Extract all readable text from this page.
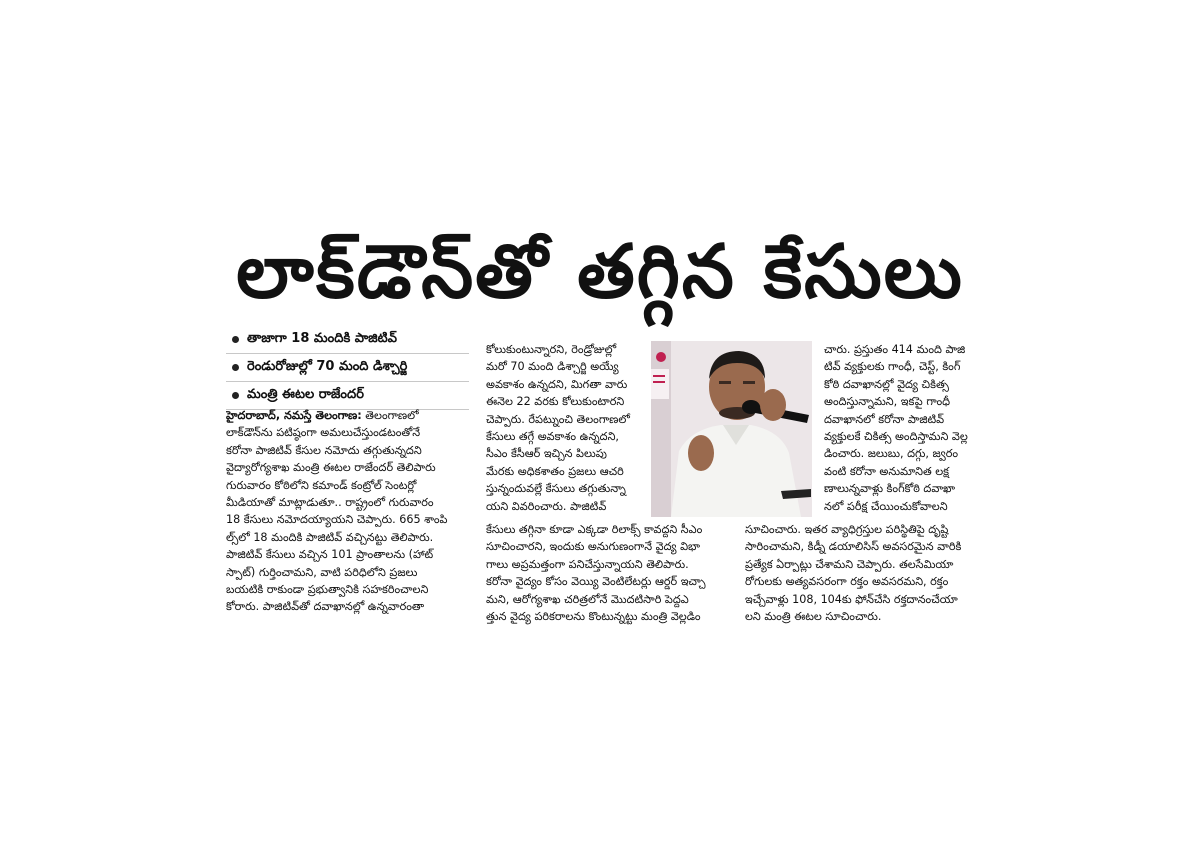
లాక్‌డౌన్‌తో తగ్గిన కేసులు
తాజాగా 18 మందికి పాజిటివ్
రెండురోజుల్లో 70 మంది డిశ్చార్జి
మంత్రి ఈటల రాజేందర్
హైదరాబాద్, నమస్తే తెలంగాణ: తెలంగాణలో
లాక్‌డౌన్‌ను పటిష్ఠంగా అమలుచేస్తుండటంతోనే
కరోనా పాజిటివ్ కేసుల నమోదు తగ్గుతున్నదని
వైద్యారోగ్యశాఖ మంత్రి ఈటల రాజేందర్ తెలిపారు
గురువారం కోఠిలోని కమాండ్ కంట్రోల్ సెంటర్లో
మీడియాతో మాట్లాడుతూ.. రాష్ట్రంలో గురువారం
18 కేసులు నమోదయ్యాయని చెప్పారు. 665 శాంపి
ల్స్‌లో 18 మందికి పాజిటివ్ వచ్చినట్టు తెలిపారు.
పాజిటివ్ కేసులు వచ్చిన 101 ప్రాంతాలను (హాట్
స్పాట్) గుర్తించామని, వాటి పరిధిలోని ప్రజలు
బయటికి రాకుండా ప్రభుత్వానికి సహకరించాలని
కోరారు. పాజిటివ్‌తో దవాఖానల్లో ఉన్నవారంతా
కోలుకుంటున్నారని, రెండ్రోజుల్లో
మరో 70 మంది డిశ్చార్జి అయ్యే
అవకాశం ఉన్నదని, మిగతా వారు
ఈనెల 22 వరకు కోలుకుంటారని
చెప్పారు. రేపట్నుంచి తెలంగాణలో
కేసులు తగ్గే అవకాశం ఉన్నదని,
సీఎం కేసీఆర్ ఇచ్చిన పిలుపు
మేరకు అధికశాతం ప్రజలు ఆచరి
స్తున్నందువల్లే కేసులు తగ్గుతున్నా
యని వివరించారు. పాజిటివ్
కేసులు తగ్గినా కూడా ఎక్కడా రిలాక్స్ కావద్దని సీఎం
సూచించారని, ఇందుకు అనుగుణంగానే వైద్య విభా
గాలు అప్రమత్తంగా పనిచేస్తున్నాయని తెలిపారు.
కరోనా వైద్యం కోసం వెయ్యి వెంటిలేటర్లు ఆర్డర్ ఇచ్చా
మని, ఆరోగ్యశాఖ చరిత్రలోనే మొదటిసారి పెద్దఎ
త్తున వైద్య పరికరాలను కొంటున్నట్టు మంత్రి వెల్లడిం
చారు. ప్రస్తుతం 414 మంది పాజి
టివ్ వ్యక్తులకు గాంధీ, చెస్ట్, కింగ్
కోఠి దవాఖానల్లో వైద్య చికిత్స
అందిస్తున్నామని, ఇకపై గాంధీ
దవాఖానలో కరోనా పాజిటివ్
వ్యక్తులకే చికిత్స అందిస్తామని వెల్ల
డించారు. జలుబు, దగ్గు, జ్వరం
వంటి కరోనా అనుమానిత లక్ష
ణాలున్నవాళ్లు కింగ్‌కోఠి దవాఖా
నలో పరీక్ష చేయించుకోవాలని
సూచించారు. ఇతర వ్యాధిగ్రస్తుల పరిస్థితిపై దృష్టి
సారించామని, కిడ్నీ డయాలిసిస్ అవసరమైన వారికి
ప్రత్యేక ఏర్పాట్లు చేశామని చెప్పారు. తలసేమియా
రోగులకు అత్యవసరంగా రక్తం అవసరమని, రక్తం
ఇచ్చేవాళ్లు 108, 104కు ఫోన్‌చేసి రక్తదానంచేయా
లని మంత్రి ఈటల సూచించారు.
